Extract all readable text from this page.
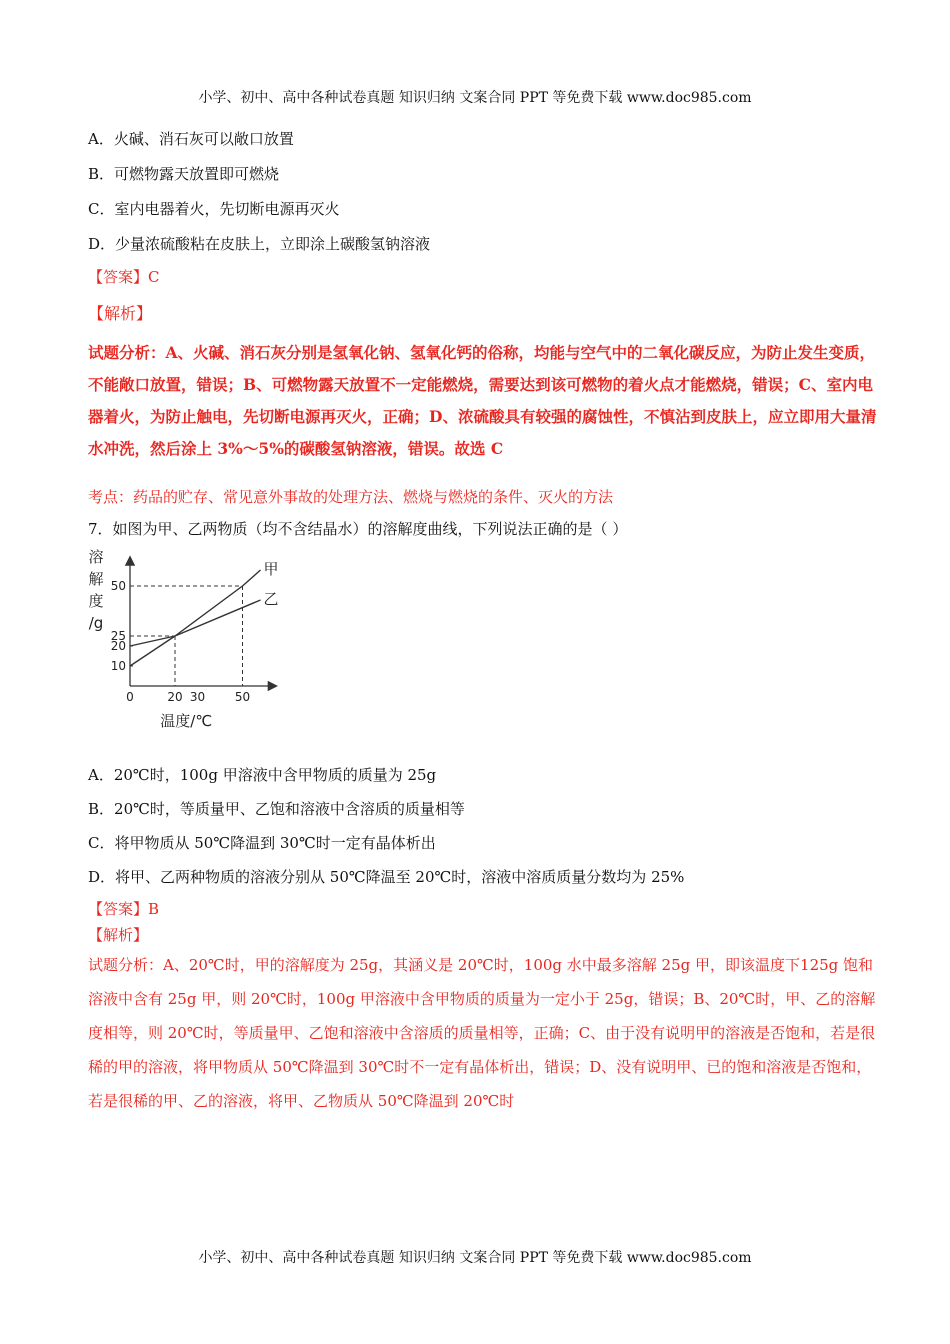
小学、初中、高中各种试卷真题 知识归纳 文案合同 PPT 等免费下载 www.doc985.com
A．火碱、消石灰可以敞口放置
B．可燃物露天放置即可燃烧
C．室内电器着火，先切断电源再灭火
D．少量浓硫酸粘在皮肤上，立即涂上碳酸氢钠溶液
【答案】C
【解析】
试题分析：A、火碱、消石灰分别是氢氧化钠、氢氧化钙的俗称，均能与空气中的二氧化碳反应，为防止发生变质，不能敞口放置，错误；B、可燃物露天放置不一定能燃烧，需要达到该可燃物的着火点才能燃烧，错误；C、室内电器着火，为防止触电，先切断电源再灭火，正确；D、浓硫酸具有较强的腐蚀性，不慎沾到皮肤上，应立即用大量清水冲洗，然后涂上 3%～5%的碳酸氢钠溶液，错误。故选 C
考点：药品的贮存、常见意外事故的处理方法、燃烧与燃烧的条件、灭火的方法
7．如图为甲、乙两物质（均不含结晶水）的溶解度曲线，下列说法正确的是（ ）
0	20 30 50
10
20
25
50
溶
解
度
/g
温度/℃
甲
乙
A．20℃时，100g 甲溶液中含甲物质的质量为 25g
B．20℃时，等质量甲、乙饱和溶液中含溶质的质量相等
C．将甲物质从 50℃降温到 30℃时一定有晶体析出
D．将甲、乙两种物质的溶液分别从 50℃降温至 20℃时，溶液中溶质质量分数均为 25%
【答案】B
【解析】
试题分析：A、20℃时，甲的溶解度为 25g，其涵义是 20℃时，100g 水中最多溶解 25g 甲，即该温度下125g 饱和溶液中含有 25g 甲，则 20℃时，100g 甲溶液中含甲物质的质量为一定小于 25g，错误；B、20℃时，甲、乙的溶解度相等，则 20℃时，等质量甲、乙饱和溶液中含溶质的质量相等，正确；C、由于没有说明甲的溶液是否饱和，若是很稀的甲的溶液，将甲物质从 50℃降温到 30℃时不一定有晶体析出，错误；D、没有说明甲、已的饱和溶液是否饱和，若是很稀的甲、乙的溶液，将甲、乙物质从 50℃降温到 20℃时
小学、初中、高中各种试卷真题 知识归纳 文案合同 PPT 等免费下载 www.doc985.com
